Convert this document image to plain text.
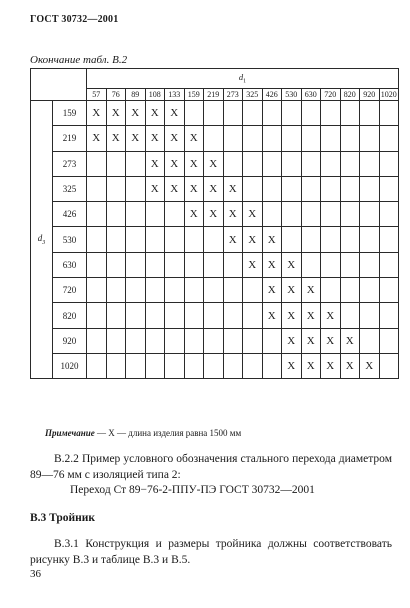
ГОСТ 30732—2001
Окончание табл. В.2
		$d_1$
		57	76	89	108	133	159	219	273	325	426	530	630	720	820	920	1020
$d_3$	159	X	X	X	X	X											
	219	X	X	X	X	X	X										
	273				X	X	X	X									
	325				X	X	X	X	X								
	426						X	X	X	X							
	530								X	X	X						
	630									X	X	X					
	720										X	X	X				
	820										X	X	X	X			
	920											X	X	X	X		
	1020											X	X	X	X	X	
Примечание — Х — длина изделия равна 1500 мм
В.2.2 Пример условного обозначения стального перехода диаметром 89—76 мм с изоляцией типа 2:
Переход Ст 89−76-2-ППУ-ПЭ ГОСТ 30732—2001
В.3 Тройник
В.3.1 Конструкция и размеры тройника должны соответствовать рисунку В.3 и таблице В.3 и В.5.
36
